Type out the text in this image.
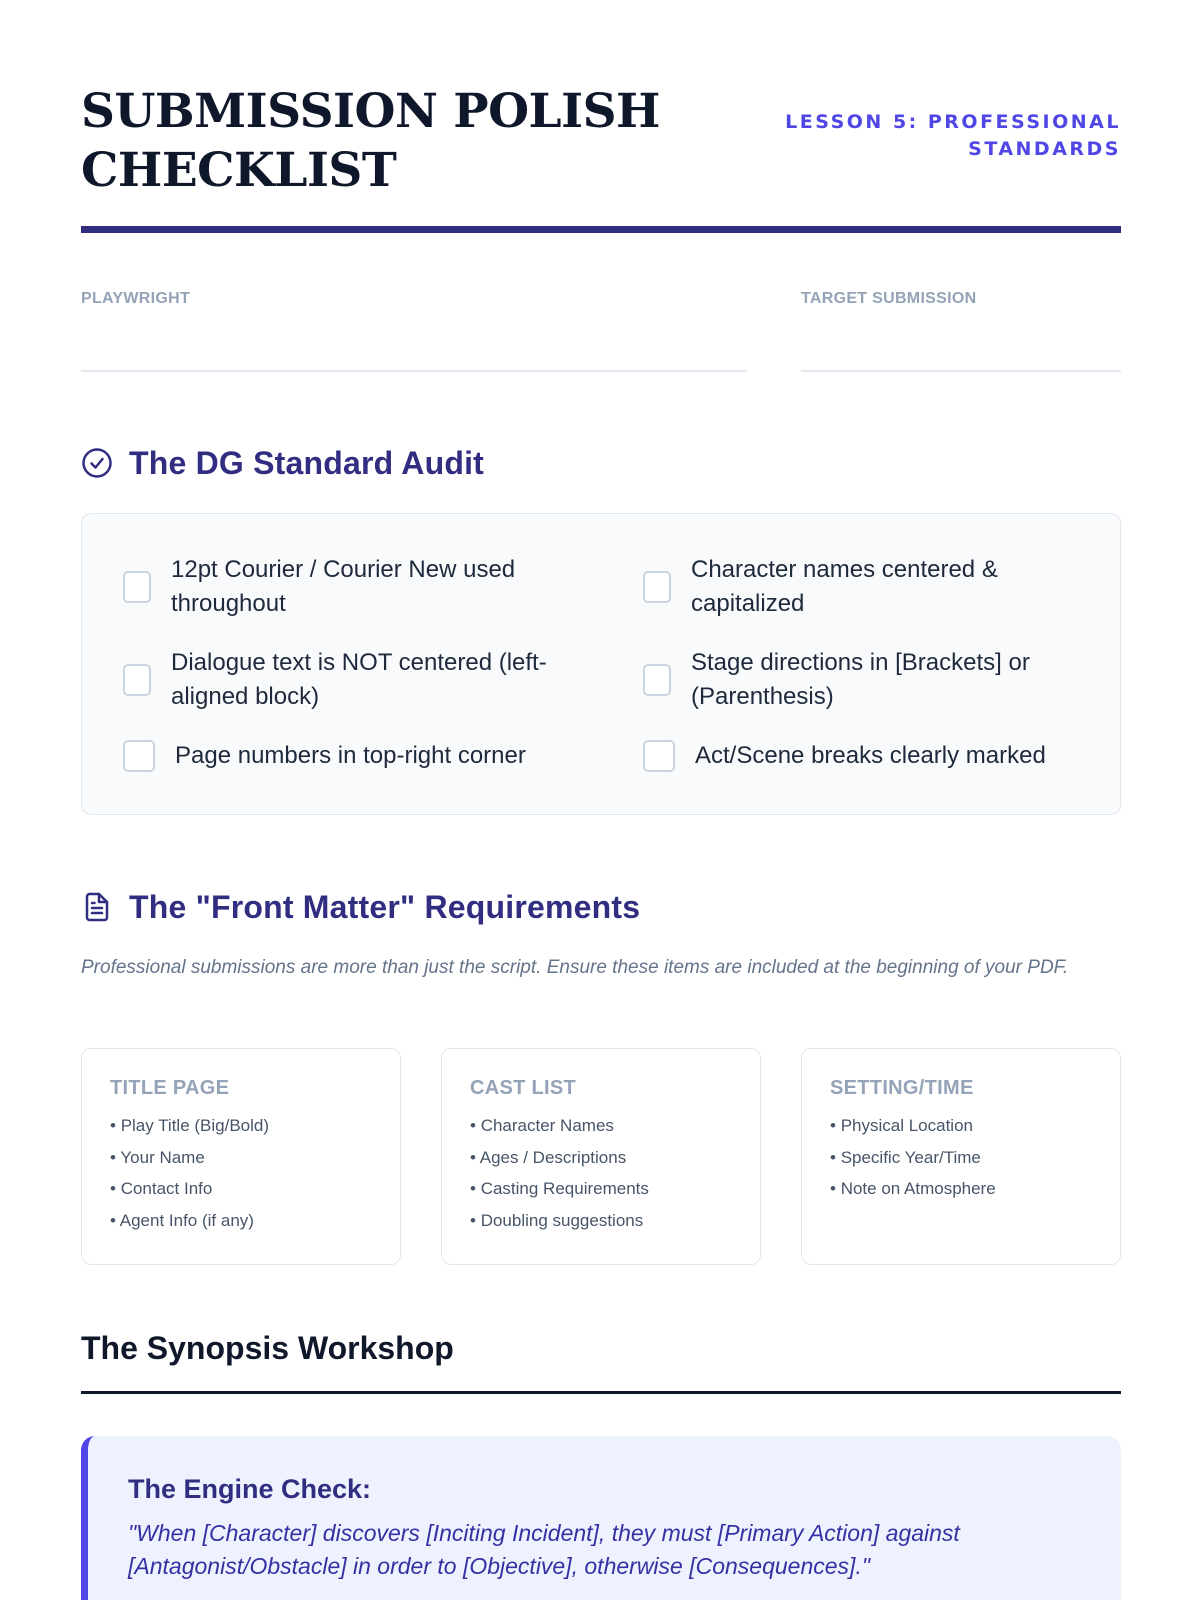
SUBMISSION POLISH CHECKLIST
LESSON 5: PROFESSIONAL STANDARDS
PLAYWRIGHT	TARGET SUBMISSION
The DG Standard Audit
12pt Courier / Courier New used throughout
Character names centered & capitalized
Dialogue text is NOT centered (left-aligned block)
Stage directions in [Brackets] or (Parenthesis)
Page numbers in top-right corner	Act/Scene breaks clearly marked
The "Front Matter" Requirements

Professional submissions are more than just the script. Ensure these items are included at the beginning of your PDF.

TITLE PAGE
• Play Title (Big/Bold)
• Your Name
• Contact Info
• Agent Info (if any)
CAST LIST
• Character Names
• Ages / Descriptions
• Casting Requirements
• Doubling suggestions
SETTING/TIME
• Physical Location
• Specific Year/Time
• Note on Atmosphere
The Synopsis Workshop
The Engine Check:

"When [Character] discovers [Inciting Incident], they must [Primary Action] against [Antagonist/Obstacle] in order to [Objective], otherwise [Consequences]."
